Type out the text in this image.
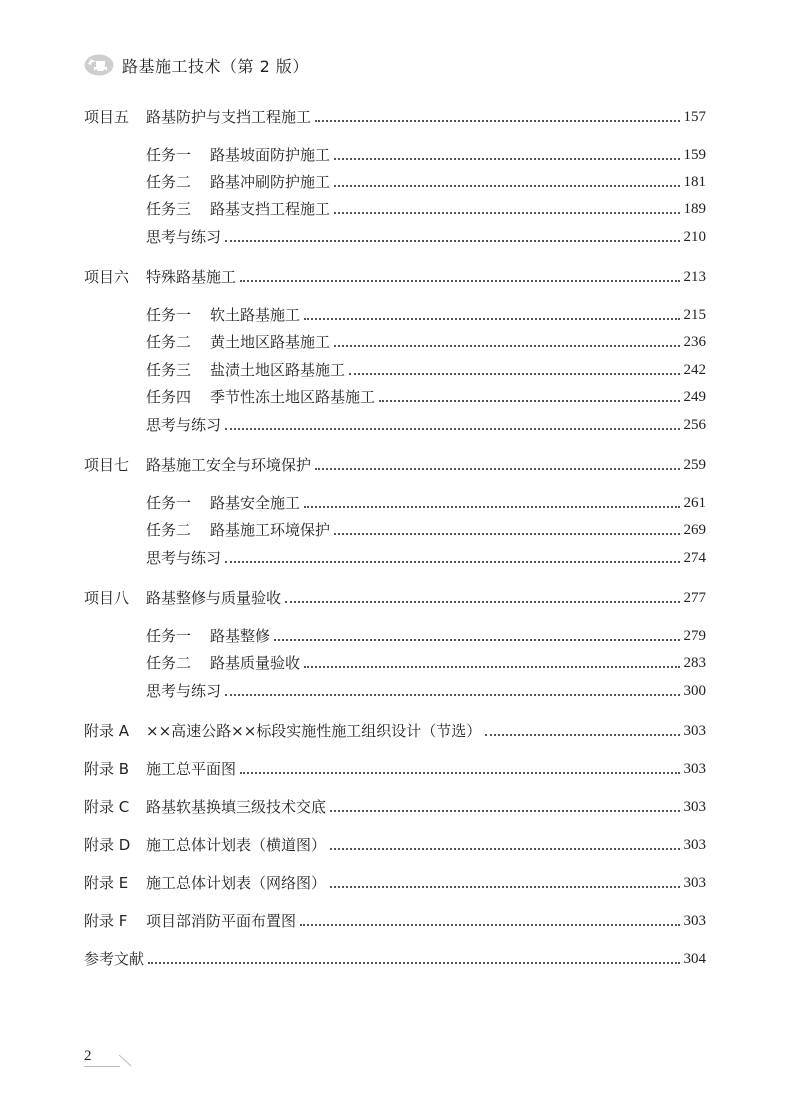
路基施工技术（第 2 版）
项目五	路基防护与支挡工程施工	157
任务一	路基坡面防护施工	159
任务二	路基冲刷防护施工	181
任务三	路基支挡工程施工	189
思考与练习	210
项目六	特殊路基施工	213
任务一	软土路基施工	215
任务二	黄土地区路基施工	236
任务三	盐渍土地区路基施工	242
任务四	季节性冻土地区路基施工	249
思考与练习	256
项目七	路基施工安全与环境保护	259
任务一	路基安全施工	261
任务二	路基施工环境保护	269
思考与练习	274
项目八	路基整修与质量验收	277
任务一	路基整修	279
任务二	路基质量验收	283
思考与练习	300
附录 A	××高速公路××标段实施性施工组织设计（节选）	303
附录 B	施工总平面图	303
附录 C	路基软基换填三级技术交底	303
附录 D	施工总体计划表（横道图）	303
附录 E	施工总体计划表（网络图）	303
附录 F	项目部消防平面布置图	303
参考文献	304
2
